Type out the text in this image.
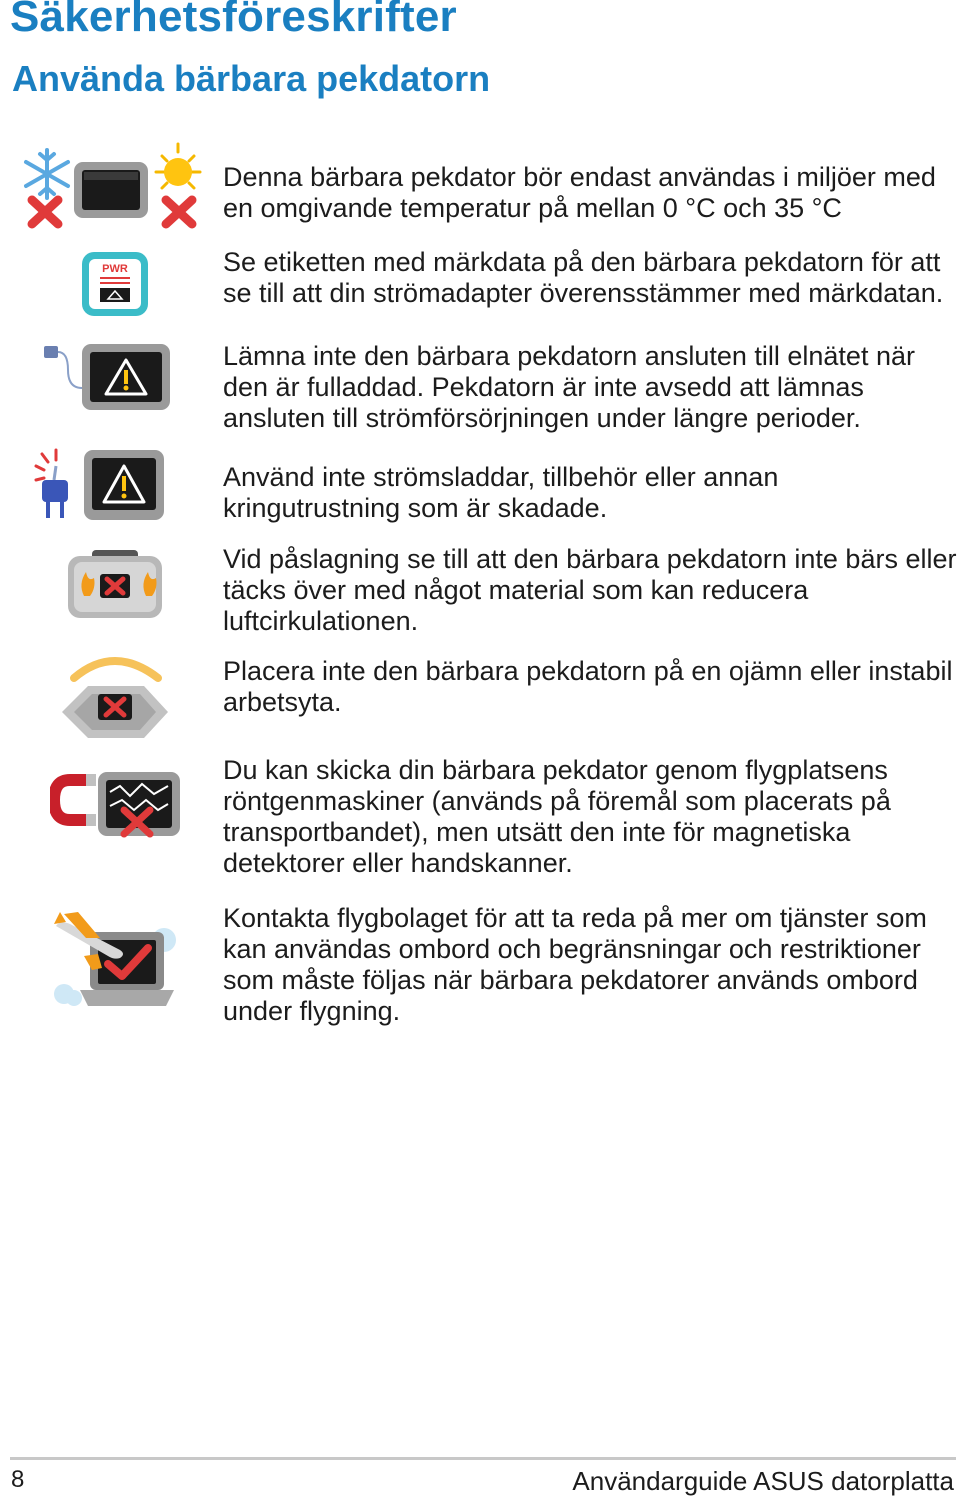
Säkerhetsföreskrifter
Använda bärbara pekdatorn

Denna bärbara pekdator bör endast användas i miljöer med en omgivande temperatur på mellan 0 °C och 35 °C

PWR	Se etiketten med märkdata på den bärbara pekdatorn för att se till att din strömadapter överensstämmer med märkdatan.

Lämna inte den bärbara pekdatorn ansluten till elnätet när den är fulladdad. Pekdatorn är inte avsedd att lämnas ansluten till strömförsörjningen under längre perioder.

Använd inte strömsladdar, tillbehör eller annan kringutrustning som är skadade.

Vid påslagning se till att den bärbara pekdatorn inte bärs eller täcks över med något material som kan reducera luftcirkulationen.

Placera inte den bärbara pekdatorn på en ojämn eller instabil arbetsyta.

Du kan skicka din bärbara pekdator genom flygplatsens röntgenmaskiner (används på föremål som placerats på transportbandet), men utsätt den inte för magnetiska detektorer eller handskanner.

Kontakta flygbolaget för att ta reda på mer om tjänster som kan användas ombord och begränsningar och restriktioner som måste följas när bärbara pekdatorer används ombord under flygning.

8	Användarguide ASUS datorplatta
